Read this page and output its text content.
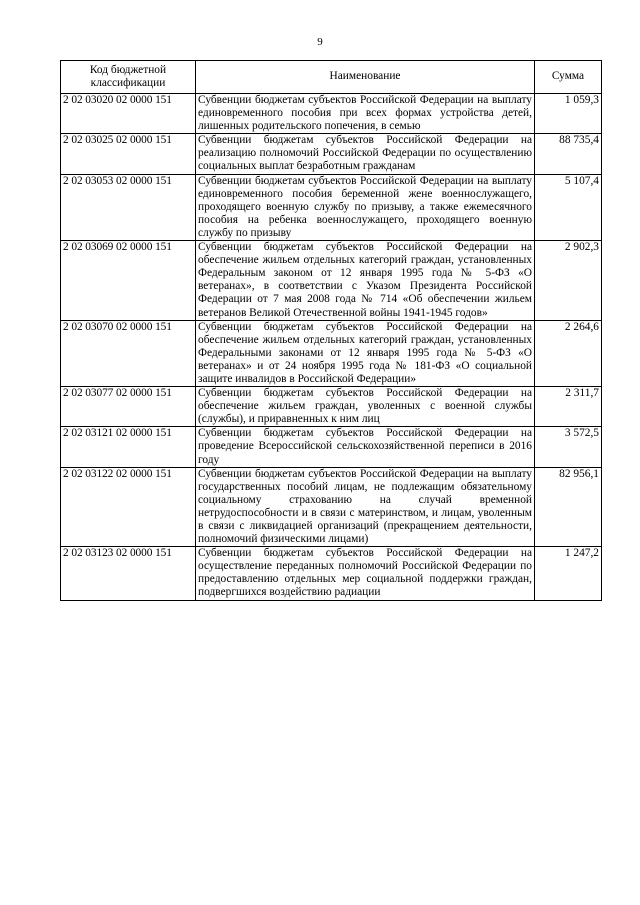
9
Код бюджетной классификации	Наименование	Сумма
2 02 03020 02 0000 151	Субвенции бюджетам субъектов Российской Федерации на выплату единовременного пособия при всех формах устройства детей, лишенных родительского попечения, в семью	1 059,3
2 02 03025 02 0000 151	Субвенции бюджетам субъектов Российской Федерации на реализацию полномочий Российской Федерации по осуществлению социальных выплат безработным гражданам	88 735,4
2 02 03053 02 0000 151	Субвенции бюджетам субъектов Российской Федерации на выплату единовременного пособия беременной жене военнослужащего, проходящего военную службу по призыву, а также ежемесячного пособия на ребенка военнослужащего, проходящего военную службу по призыву	5 107,4
2 02 03069 02 0000 151	Субвенции бюджетам субъектов Российской Федерации на обеспечение жильем отдельных категорий граждан, установленных Федеральным законом от 12 января 1995 года № 5-ФЗ «О ветеранах», в соответствии с Указом Президента Российской Федерации от 7 мая 2008 года № 714 «Об обеспечении жильем ветеранов Великой Отечественной войны 1941-1945 годов»	2 902,3
2 02 03070 02 0000 151	Субвенции бюджетам субъектов Российской Федерации на обеспечение жильем отдельных категорий граждан, установленных Федеральными законами от 12 января 1995 года № 5-ФЗ «О ветеранах» и от 24 ноября 1995 года № 181-ФЗ «О социальной защите инвалидов в Российской Федерации»	2 264,6
2 02 03077 02 0000 151	Субвенции бюджетам субъектов Российской Федерации на обеспечение жильем граждан, уволенных с военной службы (службы), и приравненных к ним лиц	2 311,7
2 02 03121 02 0000 151	Субвенции бюджетам субъектов Российской Федерации на проведение Всероссийской сельскохозяйственной переписи в 2016 году	3 572,5
2 02 03122 02 0000 151	Субвенции бюджетам субъектов Российской Федерации на выплату государственных пособий лицам, не подлежащим обязательному социальному страхованию на случай временной нетрудоспособности и в связи с материнством, и лицам, уволенным в связи с ликвидацией организаций (прекращением деятельности, полномочий физическими лицами)	82 956,1
2 02 03123 02 0000 151	Субвенции бюджетам субъектов Российской Федерации на осуществление переданных полномочий Российской Федерации по предоставлению отдельных мер социальной поддержки граждан, подвергшихся воздействию радиации	1 247,2
